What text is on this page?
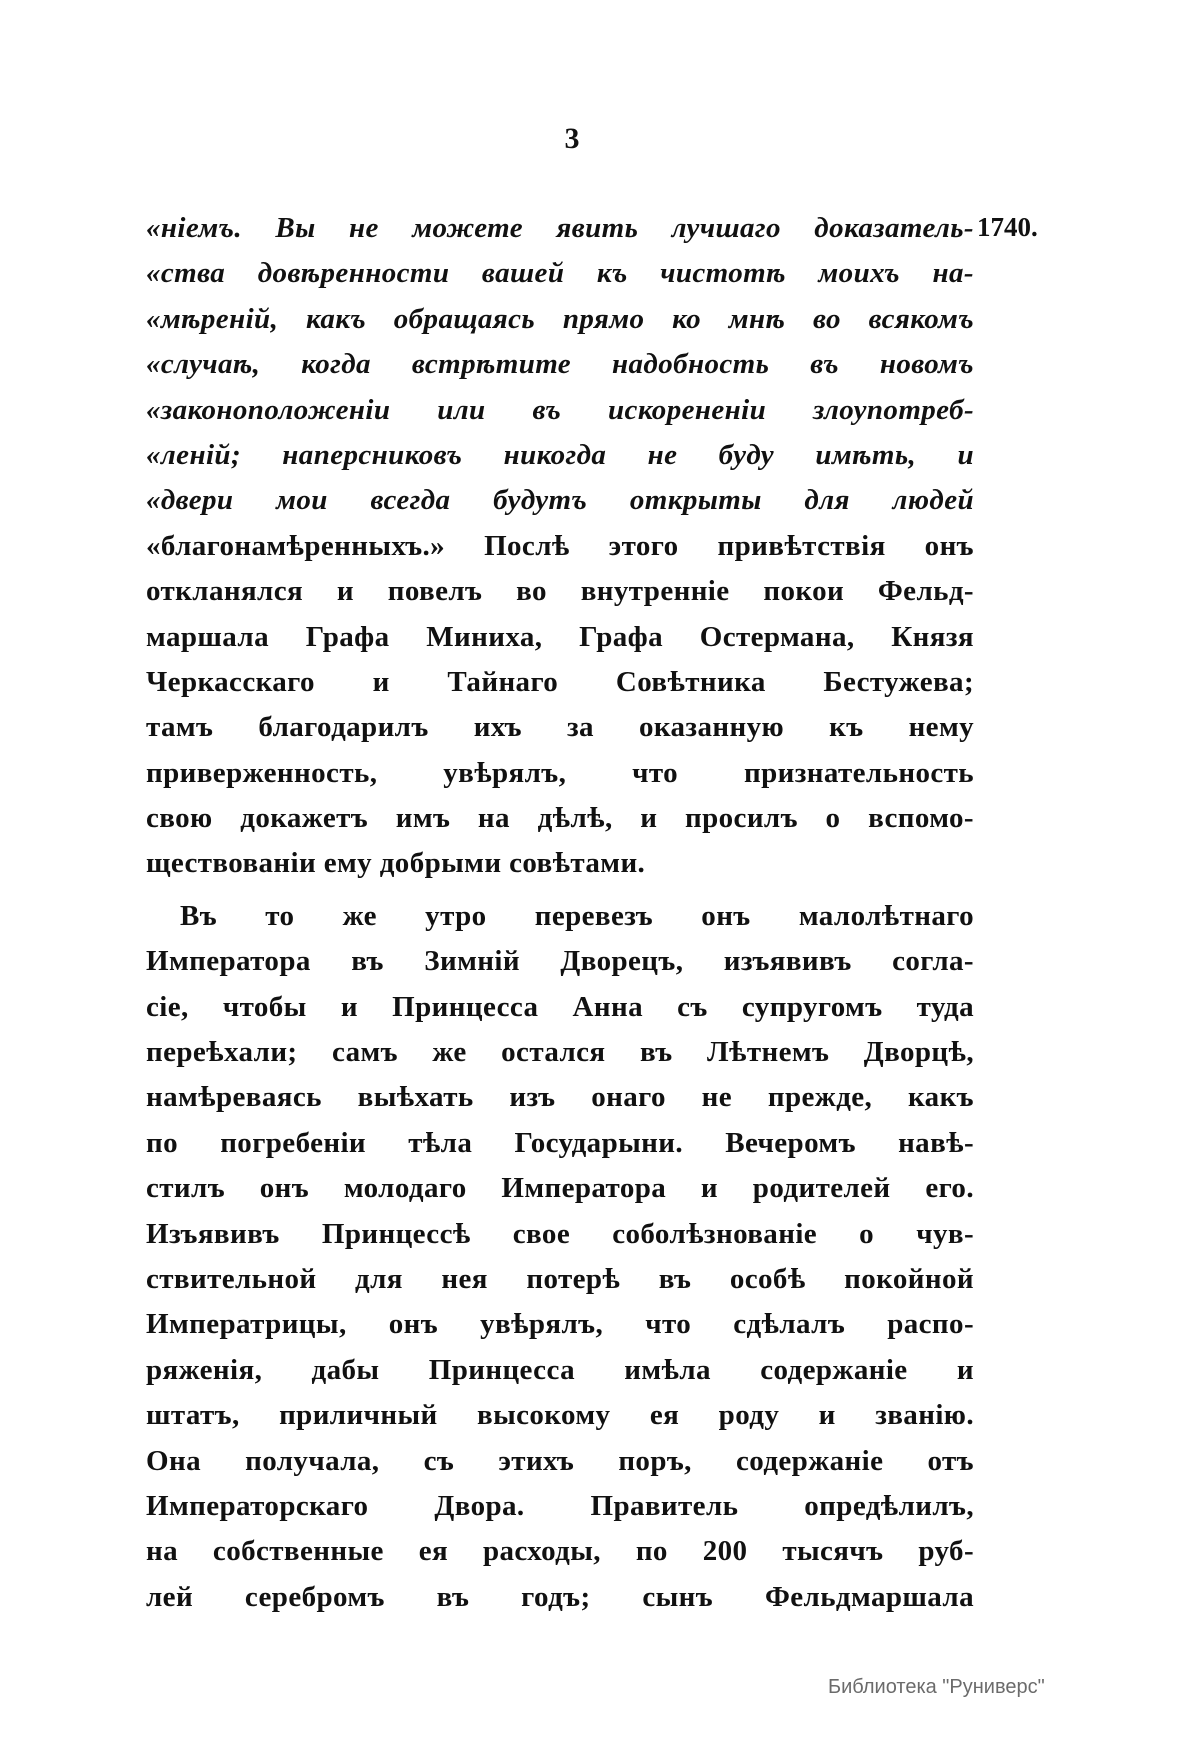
3
1740.
«нiемъ. Вы не можете явить лучшаго доказатель-
«ства довѣренности вашей къ чистотѣ моихъ на-
«мѣренiй, какъ обращаясь прямо ко мнѣ во всякомъ
«случаѣ, когда встрѣтите надобность въ новомъ
«законоположенiи или въ искорененiи злоупотреб-
«ленiй; наперсниковъ никогда не буду имѣть, и
«двери мои всегда будутъ открыты для людей
«благонамѣренныхъ.» Послѣ этого привѣтствiя онъ
откланялся и повелъ во внутреннiе покои Фельд-
маршала Графа Миниха, Графа Остермана, Князя
Черкасскаго и Тайнаго Совѣтника Бестужева;
тамъ благодарилъ ихъ за оказанную къ нему
приверженность, увѣрялъ, что признательность
свою докажетъ имъ на дѣлѣ, и просилъ о вспомо-
ществованiи ему добрыми совѣтами.
Въ то же утро перевезъ онъ малолѣтнаго
Императора въ Зимнiй Дворецъ, изъявивъ согла-
сiе, чтобы и Принцесса Анна съ супругомъ туда
переѣхали; самъ же остался въ Лѣтнемъ Дворцѣ,
намѣреваясь выѣхать изъ онаго не прежде, какъ
по погребенiи тѣла Государыни. Вечеромъ навѣ-
стилъ онъ молодаго Императора и родителей его.
Изъявивъ Принцессѣ свое соболѣзнованiе о чув-
ствительной для нея потерѣ въ особѣ покойной
Императрицы, онъ увѣрялъ, что сдѣлалъ распо-
ряженiя, дабы Принцесса имѣла содержанiе и
штатъ, приличный высокому ея роду и званiю.
Она получала, съ этихъ поръ, содержанiе отъ
Императорскаго Двора. Правитель опредѣлилъ,
на собственные ея расходы, по 200 тысячъ руб-
лей серебромъ въ годъ; сынъ Фельдмаршала
Библиотека "Руниверс"
